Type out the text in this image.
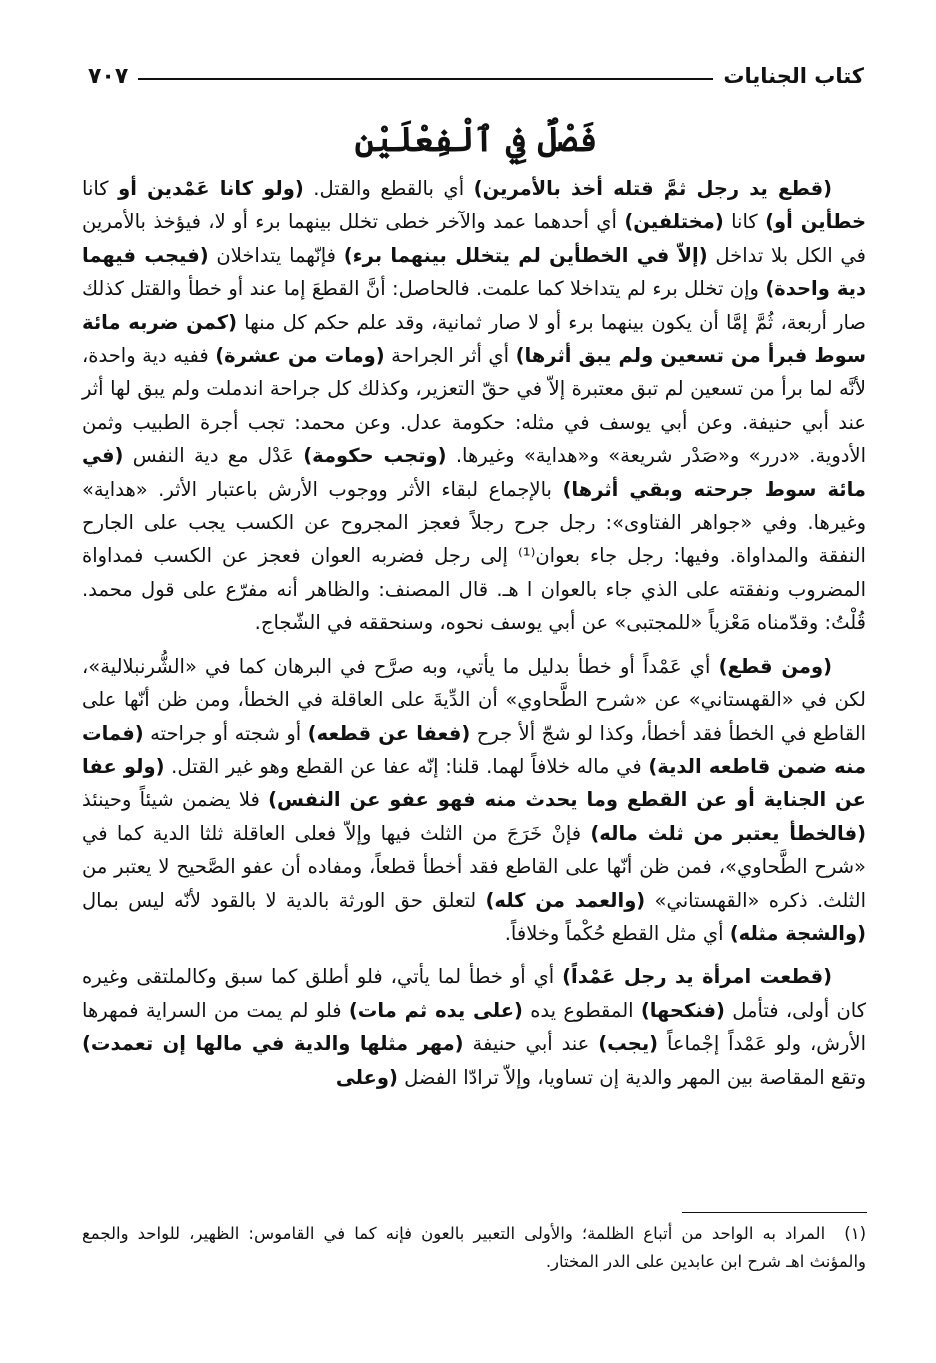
كتاب الجنايات
٧٠٧
فَصْلٌ فِي ٱلْفِعْلَيْن

(قطع يد رجل ثمَّ قتله أخذ بالأمرين) أي بالقطع والقتل. (ولو كانا عَمْدين أو كانا خطأين أو) كانا (مختلفين) أي أحدهما عمد والآخر خطى تخلل بينهما برء أو لا، فيؤخذ بالأمرين في الكل بلا تداخل (إلاّ في الخطأين لم يتخلل بينهما برء) فإنّهما يتداخلان (فيجب فيهما دية واحدة) وإن تخلل برء لم يتداخلا كما علمت. فالحاصل: أنَّ القطعَ إما عند أو خطأ والقتل كذلك صار أربعة، ثُمَّ إمَّا أن يكون بينهما برء أو لا صار ثمانية، وقد علم حكم كل منها (كمن ضربه مائة سوط فبرأ من تسعين ولم يبق أثرها) أي أثر الجراحة (ومات من عشرة) ففيه دية واحدة، لأنَّه لما برأ من تسعين لم تبق معتبرة إلاّ في حقّ التعزير، وكذلك كل جراحة اندملت ولم يبق لها أثر عند أبي حنيفة. وعن أبي يوسف في مثله: حكومة عدل. وعن محمد: تجب أجرة الطبيب وثمن الأدوية. «درر» و«صَدْر شريعة» و«هداية» وغيرها. (وتجب حكومة) عَدْل مع دية النفس (في مائة سوط جرحته وبقي أثرها) بالإجماع لبقاء الأثر ووجوب الأرش باعتبار الأثر. «هداية» وغيرها. وفي «جواهر الفتاوى»: رجل جرح رجلاً فعجز المجروح عن الكسب يجب على الجارح النفقة والمداواة. وفيها: رجل جاء بعوان⁽¹⁾ إلى رجل فضربه العوان فعجز عن الكسب فمداواة المضروب ونفقته على الذي جاء بالعوان ا هـ. قال المصنف: والظاهر أنه مفرّع على قول محمد. قُلْتُ: وقدّمناه مَعْزياً «للمجتبى» عن أبي يوسف نحوه، وسنحققه في الشّجاج.

(ومن قطع) أي عَمْداً أو خطأ بدليل ما يأتي، وبه صرَّح في البرهان كما في «الشُّرنبلالية»، لكن في «القهستاني» عن «شرح الطَّحاوي» أن الدِّيةَ على العاقلة في الخطأ، ومن ظن أنّها على القاطع في الخطأ فقد أخطأ، وكذا لو شجّ ألأ جرح (فعفا عن قطعه) أو شجته أو جراحته (فمات منه ضمن قاطعه الدية) في ماله خلافاً لهما. قلنا: إنّه عفا عن القطع وهو غير القتل. (ولو عفا عن الجناية أو عن القطع وما يحدث منه فهو عفو عن النفس) فلا يضمن شيئاً وحينئذ (فالخطأ يعتبر من ثلث ماله) فإنْ خَرَجَ من الثلث فيها وإلاّ فعلى العاقلة ثلثا الدية كما في «شرح الطَّحاوي»، فمن ظن أنّها على القاطع فقد أخطأ قطعاً، ومفاده أن عفو الصَّحيح لا يعتبر من الثلث. ذكره «القهستاني» (والعمد من كله) لتعلق حق الورثة بالدية لا بالقود لأنّه ليس بمال (والشجة مثله) أي مثل القطع حُكْماً وخلافاً.

(قطعت امرأة يد رجل عَمْداً) أي أو خطأ لما يأتي، فلو أطلق كما سبق وكالملتقى وغيره كان أولى، فتأمل (فنكحها) المقطوع يده (على يده ثم مات) فلو لم يمت من السراية فمهرها الأرش، ولو عَمْداً إجْماعاً (يجب) عند أبي حنيفة (مهر مثلها والدية في مالها إن تعمدت) وتقع المقاصة بين المهر والدية إن تساويا، وإلاّ ترادّا الفضل (وعلى

(١) المراد به الواحد من أتباع الظلمة؛ والأولى التعبير بالعون فإنه كما في القاموس: الظهير، للواحد والجمع والمؤنث اهـ شرح ابن عابدين على الدر المختار.
